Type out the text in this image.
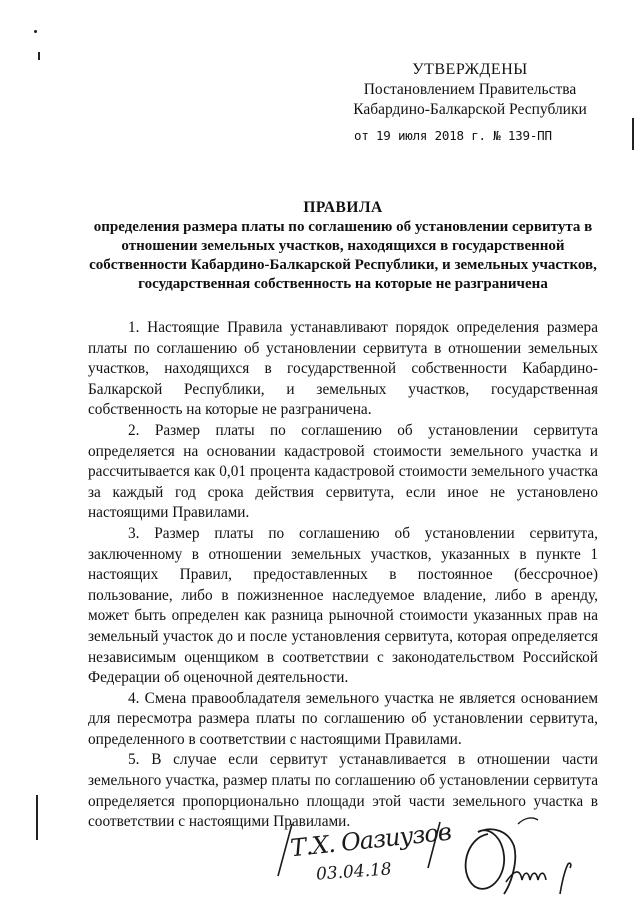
УТВЕРЖДЕНЫ
Постановлением Правительства
Кабардино-Балкарской Республики
от 19 июля 2018 г. № 139-ПП
ПРАВИЛА
определения размера платы по соглашению об установлении сервитута в отношении земельных участков, находящихся в государственной собственности Кабардино-Балкарской Республики, и земельных участков, государственная собственность на которые не разграничена

1. Настоящие Правила устанавливают порядок определения размера платы по соглашению об установлении сервитута в отношении земельных участков, находящихся в государственной собственности Кабардино-Балкарской Республики, и земельных участков, государственная собственность на которые не разграничена.

2. Размер платы по соглашению об установлении сервитута определяется на основании кадастровой стоимости земельного участка и рассчитывается как 0,01 процента кадастровой стоимости земельного участка за каждый год срока действия сервитута, если иное не установлено настоящими Правилами.

3. Размер платы по соглашению об установлении сервитута, заключенному в отношении земельных участков, указанных в пункте 1 настоящих Правил, предоставленных в постоянное (бессрочное) пользование, либо в пожизненное наследуемое владение, либо в аренду, может быть определен как разница рыночной стоимости указанных прав на земельный участок до и после установления сервитута, которая определяется независимым оценщиком в соответствии с законодательством Российской Федерации об оценочной деятельности.

4. Смена правообладателя земельного участка не является основанием для пересмотра размера платы по соглашению об установлении сервитута, определенного в соответствии с настоящими Правилами.

5. В случае если сервитут устанавливается в отношении части земельного участка, размер платы по соглашению об установлении сервитута определяется пропорционально площади этой части земельного участка в соответствии с настоящими Правилами.

Т.Х. Оазиузов
03.04.18
